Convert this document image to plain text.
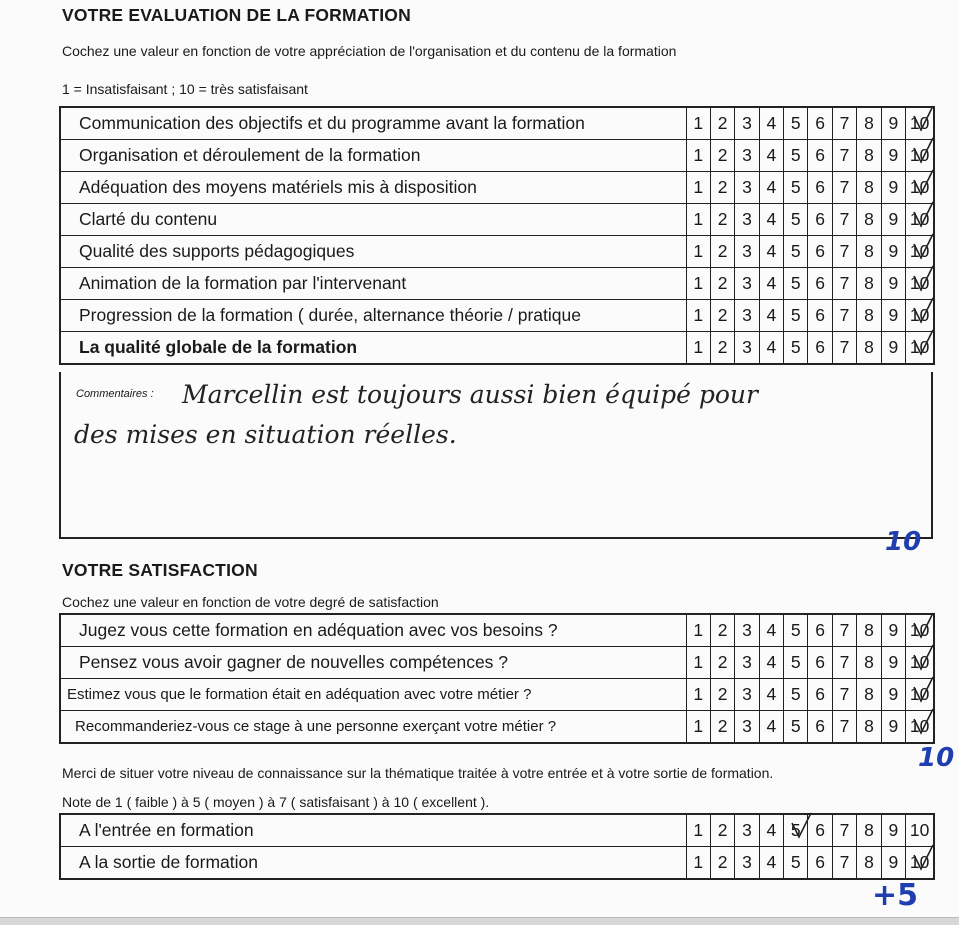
VOTRE EVALUATION DE LA FORMATION
Cochez une valeur en fonction de votre appréciation de l'organisation et du contenu de la formation
1 = Insatisfaisant ; 10 = très satisfaisant
Communication des objectifs et du programme avant la formation	1	2	3	4	5	6	7	8	9	10

Organisation et déroulement de la formation	1	2	3	4	5	6	7	8	9	10

Adéquation des moyens matériels mis à disposition	1	2	3	4	5	6	7	8	9	10

Clarté du contenu	1	2	3	4	5	6	7	8	9	10

Qualité des supports pédagogiques	1	2	3	4	5	6	7	8	9	10

Animation de la formation par l'intervenant	1	2	3	4	5	6	7	8	9	10

Progression de la formation ( durée, alternance théorie / pratique	1	2	3	4	5	6	7	8	9	10

La qualité globale de la formation	1	2	3	4	5	6	7	8	9	10
Commentaires : Marcellin est toujours aussi bien équipé pour
des mises en situation réelles.
10
VOTRE SATISFACTION
Cochez une valeur en fonction de votre degré de satisfaction
Jugez vous cette formation en adéquation avec vos besoins ?	1	2	3	4	5	6	7	8	9	10

Pensez vous avoir gagner de nouvelles compétences ?	1	2	3	4	5	6	7	8	9	10

Estimez vous que le formation était en adéquation avec votre métier ?	1	2	3	4	5	6	7	8	9	10

Recommanderiez-vous ce stage à une personne exerçant votre métier ?	1	2	3	4	5	6	7	8	9	10
10
Merci de situer votre niveau de connaissance sur la thématique traitée à votre entrée et à votre sortie de formation.
Note de 1 ( faible ) à 5 ( moyen ) à 7 ( satisfaisant ) à 10 ( excellent ).
A l'entrée en formation	1	2	3	4	5	6	7	8	9	10
A la sortie de formation	1	2	3	4	5	6	7	8	9	10
+5
